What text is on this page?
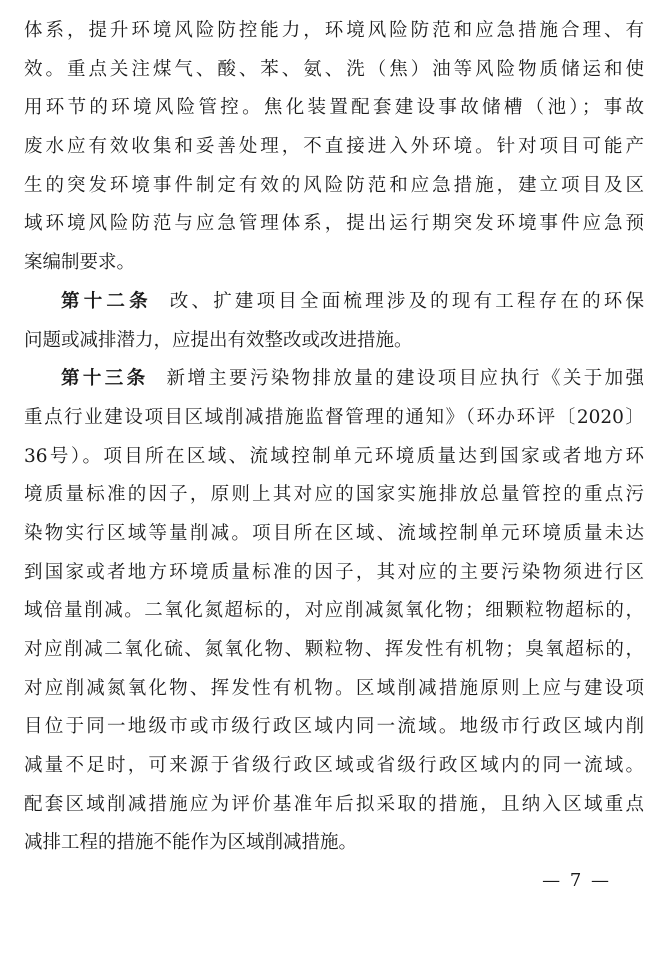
体系，提升环境风险防控能力，环境风险防范和应急措施合理、有
效。重点关注煤气、酸、苯、氨、洗（焦）油等风险物质储运和使
用环节的环境风险管控。焦化装置配套建设事故储槽（池）；事故
废水应有效收集和妥善处理，不直接进入外环境。针对项目可能产
生的突发环境事件制定有效的风险防范和应急措施，建立项目及区
域环境风险防范与应急管理体系，提出运行期突发环境事件应急预
案编制要求。
第十二条 改、扩建项目全面梳理涉及的现有工程存在的环保
问题或减排潜力，应提出有效整改或改进措施。
第十三条 新增主要污染物排放量的建设项目应执行《关于加强
重点行业建设项目区域削减措施监督管理的通知》（环办环评〔2020〕
36号）。项目所在区域、流域控制单元环境质量达到国家或者地方环
境质量标准的因子，原则上其对应的国家实施排放总量管控的重点污
染物实行区域等量削减。项目所在区域、流域控制单元环境质量未达
到国家或者地方环境质量标准的因子，其对应的主要污染物须进行区
域倍量削减。二氧化氮超标的，对应削减氮氧化物；细颗粒物超标的，
对应削减二氧化硫、氮氧化物、颗粒物、挥发性有机物；臭氧超标的，
对应削减氮氧化物、挥发性有机物。区域削减措施原则上应与建设项
目位于同一地级市或市级行政区域内同一流域。地级市行政区域内削
减量不足时，可来源于省级行政区域或省级行政区域内的同一流域。
配套区域削减措施应为评价基准年后拟采取的措施，且纳入区域重点
减排工程的措施不能作为区域削减措施。
— 7 —
